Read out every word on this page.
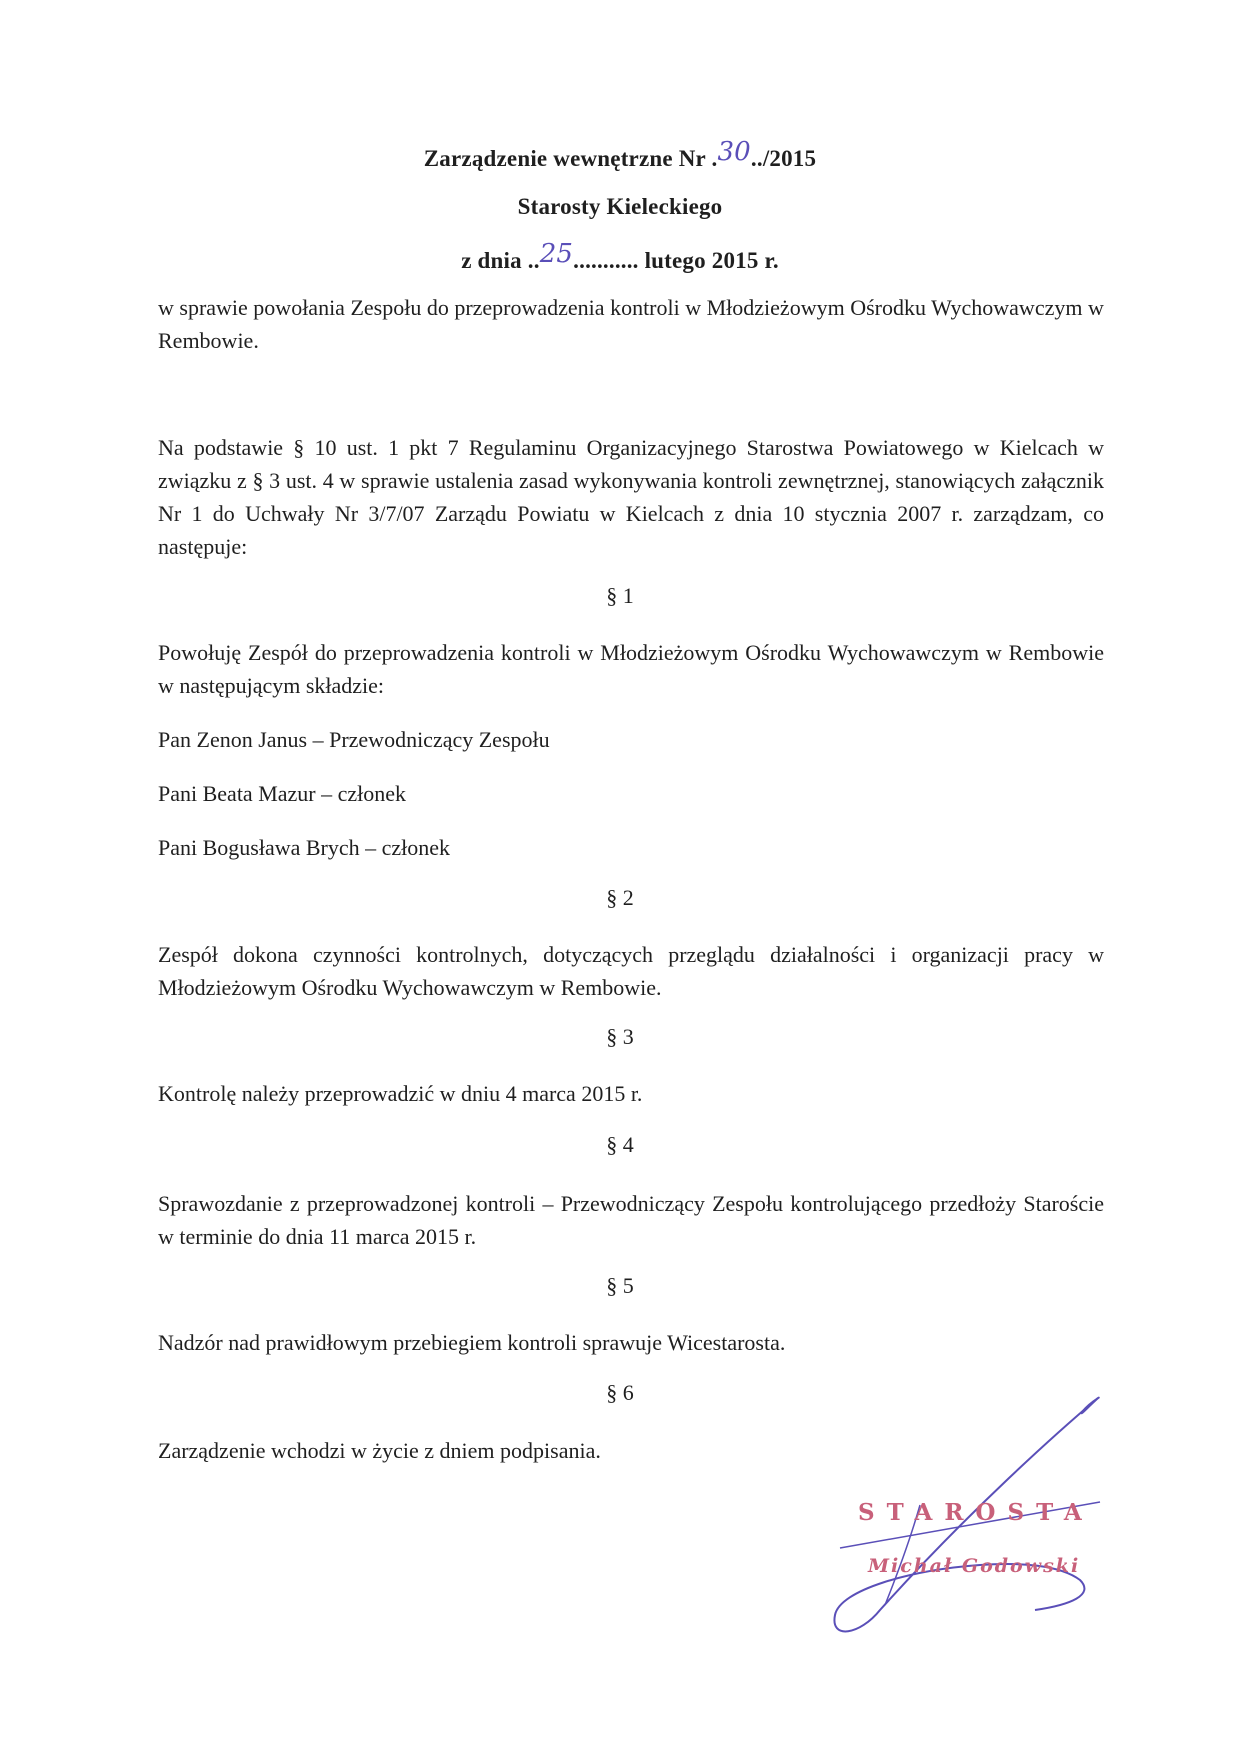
Zarządzenie wewnętrzne Nr .30../2015
Starosty Kieleckiego
z dnia ..25........... lutego 2015 r.
w sprawie powołania Zespołu do przeprowadzenia kontroli w Młodzieżowym Ośrodku Wychowawczym w Rembowie.
Na podstawie § 10 ust. 1 pkt 7 Regulaminu Organizacyjnego Starostwa Powiatowego w Kielcach w związku z § 3 ust. 4 w sprawie ustalenia zasad wykonywania kontroli zewnętrznej, stanowiących załącznik Nr 1 do Uchwały Nr 3/7/07 Zarządu Powiatu w Kielcach z dnia 10 stycznia 2007 r. zarządzam, co następuje:
§ 1
Powołuję Zespół do przeprowadzenia kontroli w Młodzieżowym Ośrodku Wychowawczym w Rembowie w następującym składzie:
Pan Zenon Janus – Przewodniczący Zespołu
Pani Beata Mazur – członek
Pani Bogusława Brych – członek
§ 2
Zespół dokona czynności kontrolnych, dotyczących przeglądu działalności i organizacji pracy w Młodzieżowym Ośrodku Wychowawczym w Rembowie.
§ 3
Kontrolę należy przeprowadzić w dniu 4 marca 2015 r.
§ 4
Sprawozdanie z przeprowadzonej kontroli – Przewodniczący Zespołu kontrolującego przedłoży Staroście w terminie do dnia 11 marca 2015 r.
§ 5
Nadzór nad prawidłowym przebiegiem kontroli sprawuje Wicestarosta.
§ 6
Zarządzenie wchodzi w życie z dniem podpisania.
STAROSTA
Michał Godowski
